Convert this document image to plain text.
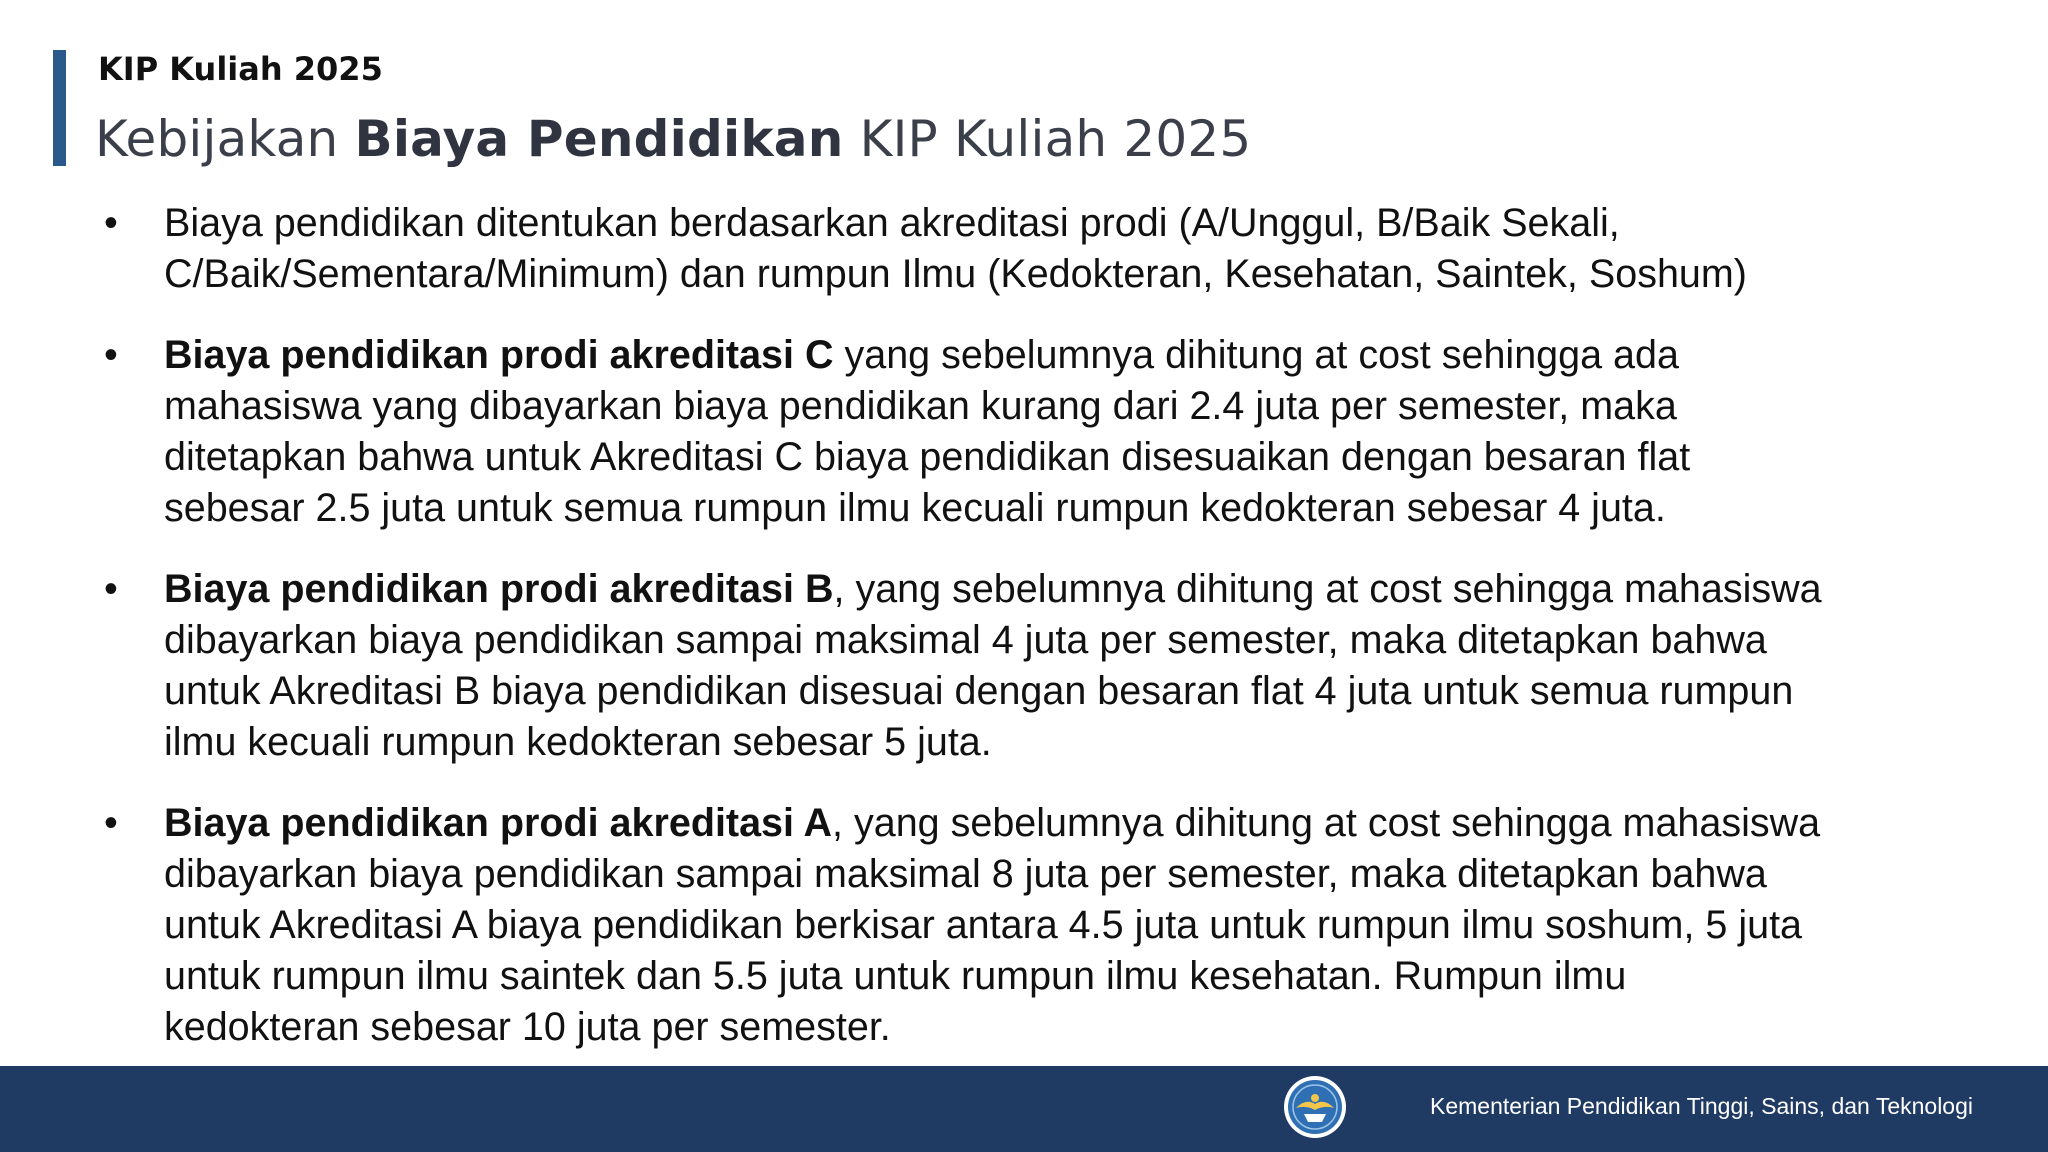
KIP Kuliah 2025
Kebijakan Biaya Pendidikan KIP Kuliah 2025
• Biaya pendidikan ditentukan berdasarkan akreditasi prodi (A/Unggul, B/Baik Sekali,
C/Baik/Sementara/Minimum) dan rumpun Ilmu (Kedokteran, Kesehatan, Saintek, Soshum)
• Biaya pendidikan prodi akreditasi C yang sebelumnya dihitung at cost sehingga ada
mahasiswa yang dibayarkan biaya pendidikan kurang dari 2.4 juta per semester, maka
ditetapkan bahwa untuk Akreditasi C biaya pendidikan disesuaikan dengan besaran flat
sebesar 2.5 juta untuk semua rumpun ilmu kecuali rumpun kedokteran sebesar 4 juta.
• Biaya pendidikan prodi akreditasi B, yang sebelumnya dihitung at cost sehingga mahasiswa
dibayarkan biaya pendidikan sampai maksimal 4 juta per semester, maka ditetapkan bahwa
untuk Akreditasi B biaya pendidikan disesuai dengan besaran flat 4 juta untuk semua rumpun
ilmu kecuali rumpun kedokteran sebesar 5 juta.
• Biaya pendidikan prodi akreditasi A, yang sebelumnya dihitung at cost sehingga mahasiswa
dibayarkan biaya pendidikan sampai maksimal 8 juta per semester, maka ditetapkan bahwa
untuk Akreditasi A biaya pendidikan berkisar antara 4.5 juta untuk rumpun ilmu soshum, 5 juta
untuk rumpun ilmu saintek dan 5.5 juta untuk rumpun ilmu kesehatan. Rumpun ilmu
kedokteran sebesar 10 juta per semester.
Kementerian Pendidikan Tinggi, Sains, dan Teknologi
